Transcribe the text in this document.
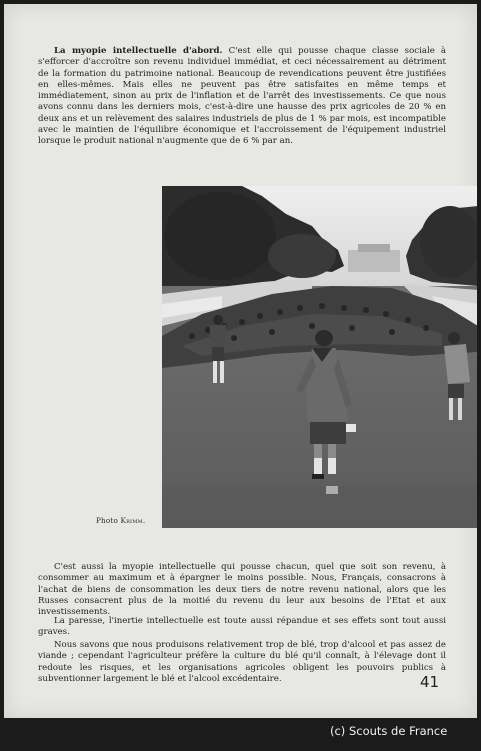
La myopie intellectuelle d'abord. C'est elle qui pousse chaque classe sociale à s'efforcer d'accroître son revenu individuel immédiat, et ceci nécessairement au détriment de la formation du patrimoine national. Beaucoup de revendications peuvent être justifiées en elles-mêmes. Mais elles ne peuvent pas être satisfaites en même temps et immédiatement, sinon au prix de l'inflation et de l'arrêt des investissements. Ce que nous avons connu dans les derniers mois, c'est-à-dire une hausse des prix agricoles de 20 % en deux ans et un relèvement des salaires industriels de plus de 1 % par mois, est incompatible avec le maintien de l'équilibre économique et l'accroissement de l'équipement industriel lorsque le produit national n'augmente que de 6 % par an.

Photo Krimm.

C'est aussi la myopie intellectuelle qui pousse chacun, quel que soit son revenu, à consommer au maximum et à épargner le moins possible. Nous, Français, consacrons à l'achat de biens de consommation les deux tiers de notre revenu national, alors que les Russes consacrent plus de la moitié du revenu du leur aux besoins de l'Etat et aux investissements.

La paresse, l'inertie intellectuelle est toute aussi répandue et ses effets sont tout aussi graves.

Nous savons que nous produisons relativement trop de blé, trop d'alcool et pas assez de viande ; cependant l'agriculteur préfère la culture du blé qu'il connaît, à l'élevage dont il redoute les risques, et les organisations agricoles obligent les pouvoirs publics à subventionner largement le blé et l'alcool excédentaire.	41
(c) Scouts de France
